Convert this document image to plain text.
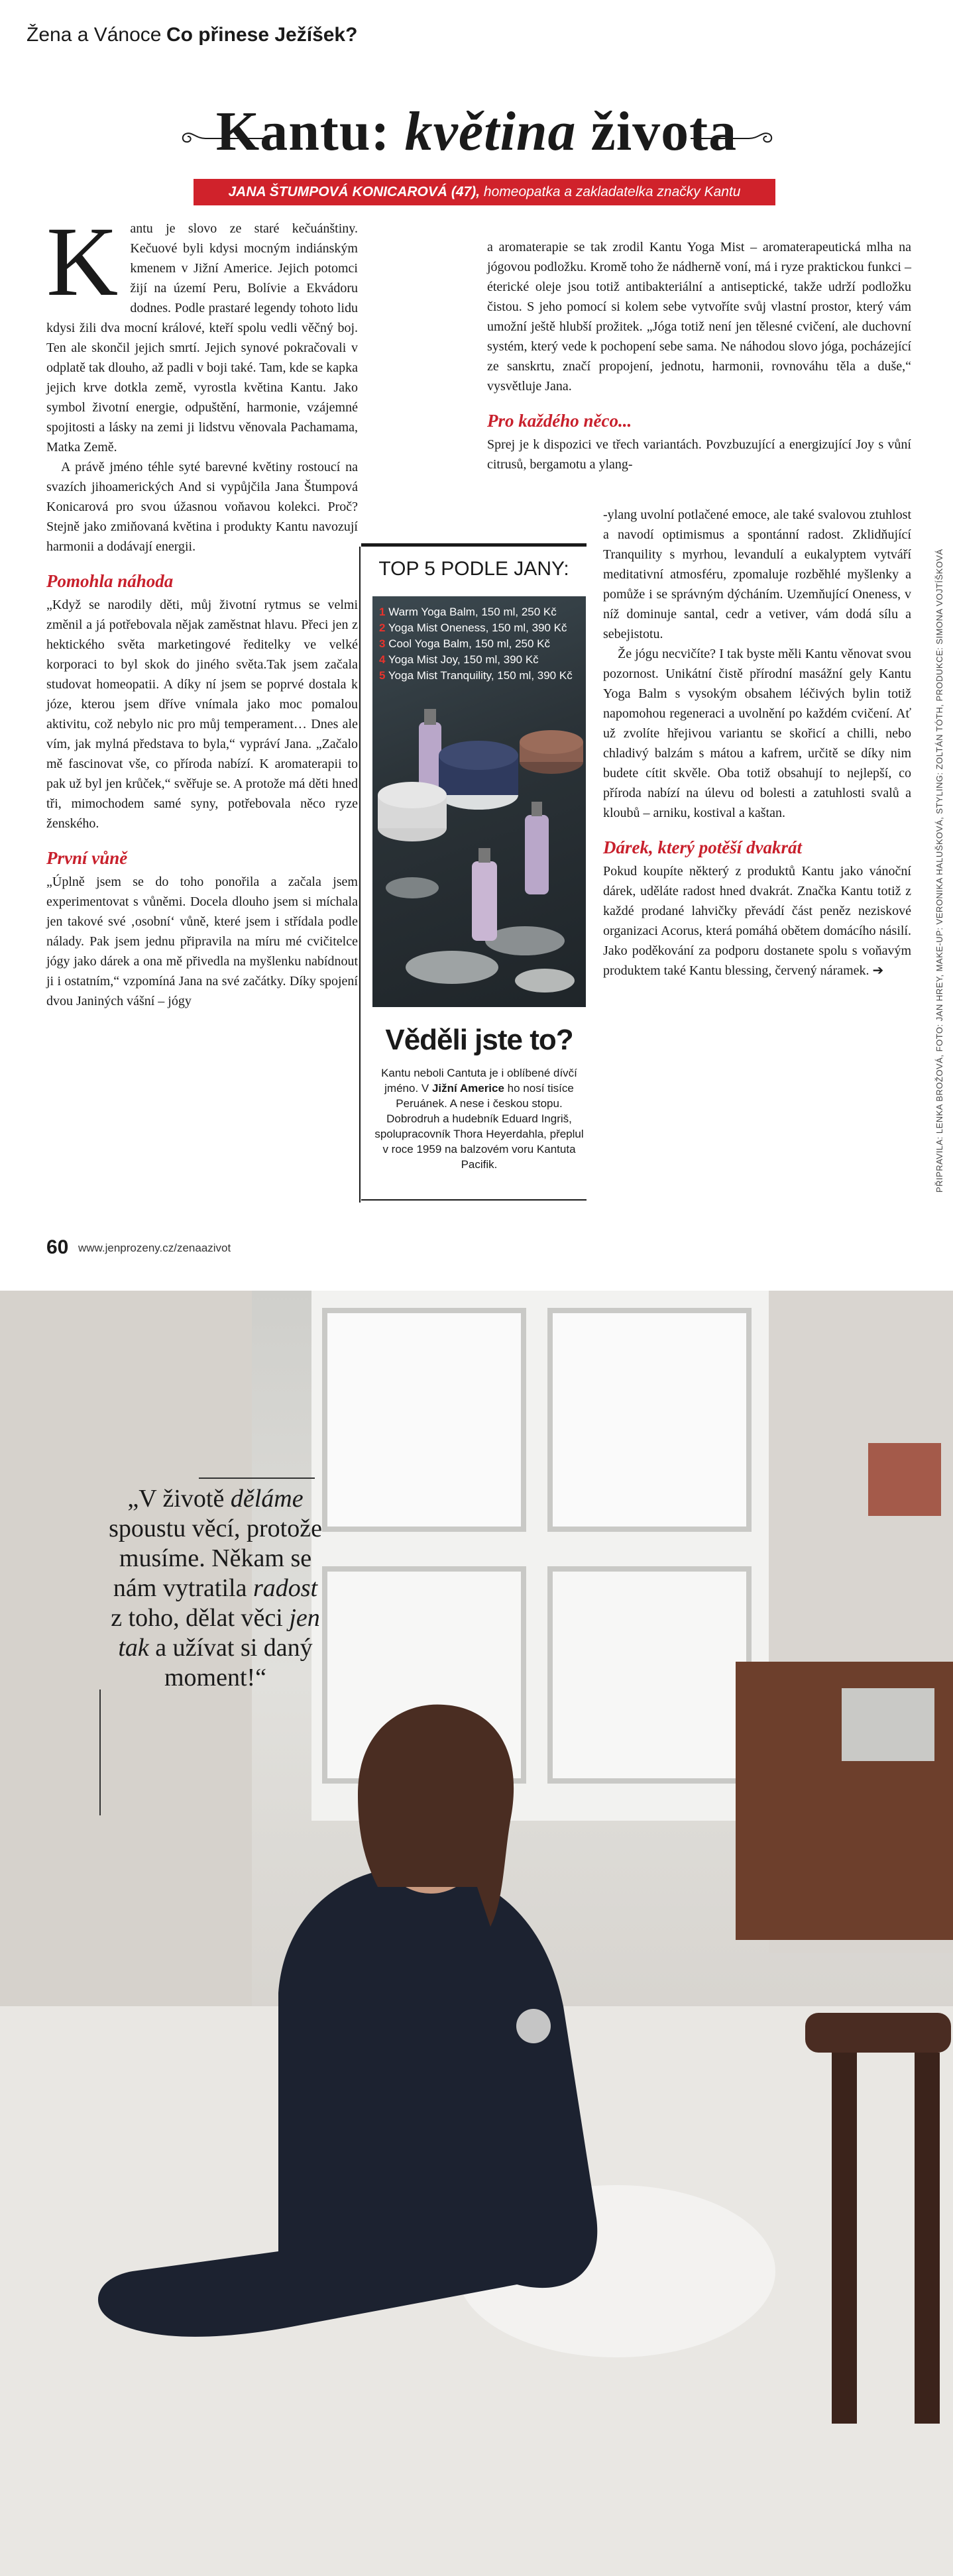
Žena a Vánoce Co přinese Ježíšek?
Kantu: květina života
JANA ŠTUMPOVÁ KONICAROVÁ (47), homeopatka a zakladatelka značky Kantu

Kantu je slovo ze staré kečuánštiny. Kečuové byli kdysi mocným indiánským kmenem v Jižní Americe. Jejich potomci žijí na území Peru, Bolívie a Ekvádoru dodnes. Podle prastaré legendy tohoto lidu kdysi žili dva mocní králové, kteří spolu vedli věčný boj. Ten ale skončil jejich smrtí. Jejich synové pokračovali v odplatě tak dlouho, až padli v boji také. Tam, kde se kapka jejich krve dotkla země, vyrostla květina Kantu. Jako symbol životní energie, odpuštění, harmonie, vzájemné spojitosti a lásky na zemi ji lidstvu věnovala Pachamama, Matka Země.

A právě jméno téhle syté barevné květiny rostoucí na svazích jihoamerických And si vypůjčila Jana Štumpová Konicarová pro svou úžasnou voňavou kolekci. Proč? Stejně jako zmiňovaná květina i produkty Kantu navozují harmonii a dodávají energii.

Pomohla náhoda

„Když se narodily děti, můj životní rytmus se velmi změnil a já potřebovala nějak zaměstnat hlavu. Přeci jen z hektického světa marketingové ředitelky ve velké korporaci to byl skok do jiného světa.Tak jsem začala studovat homeopatii. A díky ní jsem se poprvé dostala k józe, kterou jsem dříve vnímala jako moc pomalou aktivitu, což nebylo nic pro můj temperament… Dnes ale vím, jak mylná představa to byla,“ vypráví Jana. „Začalo mě fascinovat vše, co příroda nabízí. K aromaterapii to pak už byl jen krůček,“ svěřuje se. A protože má děti hned tři, mimochodem samé syny, potřebovala něco ryze ženského.

První vůně

„Úplně jsem se do toho ponořila a začala jsem experimentovat s vůněmi. Docela dlouho jsem si míchala jen takové své ‚osobní‘ vůně, které jsem i střídala podle nálady. Pak jsem jednu připravila na míru mé cvičitelce jógy jako dárek a ona mě přivedla na myšlenku nabídnout ji i ostatním,“ vzpomíná Jana na své začátky. Díky spojení dvou Janiných vášní – jógy

a aromaterapie se tak zrodil Kantu Yoga Mist – aromaterapeutická mlha na jógovou podložku. Kromě toho že nádherně voní, má i ryze praktickou funkci – éterické oleje jsou totiž antibakteriální a antiseptické, takže udrží podložku čistou. S jeho pomocí si kolem sebe vytvoříte svůj vlastní prostor, který vám umožní ještě hlubší prožitek. „Jóga totiž není jen tělesné cvičení, ale duchovní systém, který vede k pochopení sebe sama. Ne náhodou slovo jóga, pocházející ze sanskrtu, značí propojení, jednotu, harmonii, rovnováhu těla a duše,“ vysvětluje Jana.

Pro každého něco...

Sprej je k dispozici ve třech variantách. Povzbuzující a energizující Joy s vůní citrusů, bergamotu a ylang-

-ylang uvolní potlačené emoce, ale také svalovou ztuhlost a navodí optimismus a spontánní radost. Zklidňující Tranquility s myrhou, levandulí a eukalyptem vytváří meditativní atmosféru, zpomaluje rozběhlé myšlenky a pomůže i se správným dýcháním. Uzemňující Oneness, v níž dominuje santal, cedr a vetiver, vám dodá sílu a sebejistotu.

Že jógu necvičíte? I tak byste měli Kantu věnovat svou pozornost. Unikátní čistě přírodní masážní gely Kantu Yoga Balm s vysokým obsahem léčivých bylin totiž napomohou regeneraci a uvolnění po každém cvičení. Ať už zvolíte hřejivou variantu se skořicí a chilli, nebo chladivý balzám s mátou a kafrem, určitě se díky nim budete cítit skvěle. Oba totiž obsahují to nejlepší, co příroda nabízí na úlevu od bolesti a zatuhlosti svalů a kloubů – arniku, kostival a kaštan.

Dárek, který potěší dvakrát

Pokud koupíte některý z produktů Kantu jako vánoční dárek, uděláte radost hned dvakrát. Značka Kantu totiž z každé prodané lahvičky převádí část peněz neziskové organizaci Acorus, která pomáhá obětem domácího násilí. Jako poděkování za podporu dostanete spolu s voňavým produktem také Kantu blessing, červený náramek. ➔

TOP 5 PODLE JANY:
1 Warm Yoga Balm, 150 ml, 250 Kč
2 Yoga Mist Oneness, 150 ml, 390 Kč
3 Cool Yoga Balm, 150 ml, 250 Kč
4 Yoga Mist Joy, 150 ml, 390 Kč
5 Yoga Mist Tranquility, 150 ml, 390 Kč
Věděli jste to?
Kantu neboli Cantuta je i oblíbené dívčí jméno. V Jižní Americe ho nosí tisíce Peruánek. A nese i českou stopu. Dobrodruh a hudebník Eduard Ingriš, spolupracovník Thora Heyerdahla, přeplul v roce 1959 na balzovém voru Kantuta Pacifik.	PŘIPRAVILA: LENKA BROŽOVÁ, FOTO: JAN HREY, MAKE-UP: VERONIKA HALUŠKOVÁ, STYLING: ZOLTÁN TÓTH, PRODUKCE: SIMONA VOJTÍŠKOVÁ
60 www.jenprozeny.cz/zenaazivot
„V životě děláme spoustu věcí, protože musíme. Někam se nám vytratila radost z toho, dělat věci jen tak a užívat si daný moment!“
